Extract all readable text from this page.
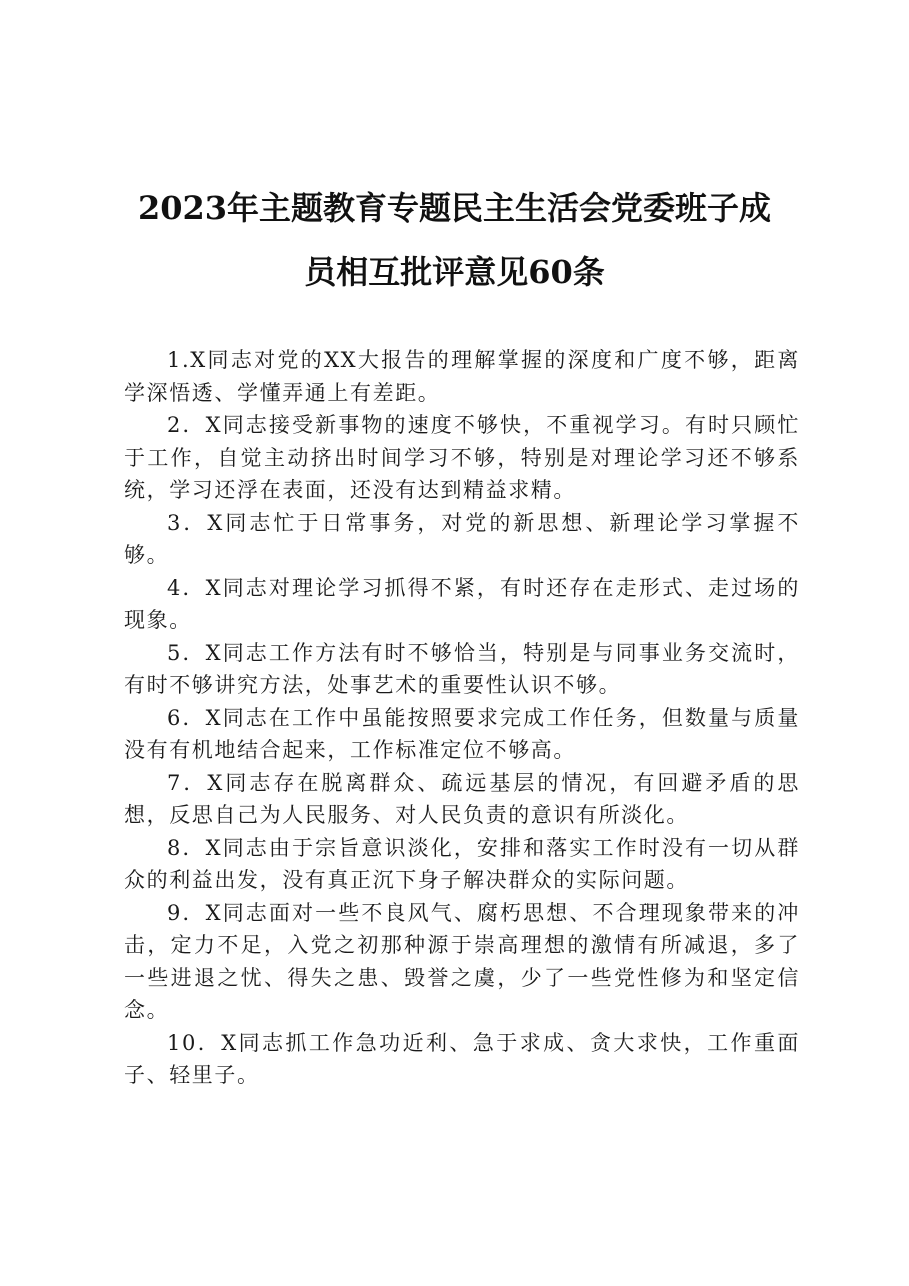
2023年主题教育专题民主生活会党委班子成
员相互批评意见60条

1.X同志对党的XX大报告的理解掌握的深度和广度不够，距离学深悟透、学懂弄通上有差距。

2．X同志接受新事物的速度不够快，不重视学习。有时只顾忙于工作，自觉主动挤出时间学习不够，特别是对理论学习还不够系统，学习还浮在表面，还没有达到精益求精。

3．X同志忙于日常事务，对党的新思想、新理论学习掌握不够。

4．X同志对理论学习抓得不紧，有时还存在走形式、走过场的现象。

5．X同志工作方法有时不够恰当，特别是与同事业务交流时，有时不够讲究方法，处事艺术的重要性认识不够。

6．X同志在工作中虽能按照要求完成工作任务，但数量与质量没有有机地结合起来，工作标准定位不够高。

7．X同志存在脱离群众、疏远基层的情况，有回避矛盾的思想，反思自己为人民服务、对人民负责的意识有所淡化。

8．X同志由于宗旨意识淡化，安排和落实工作时没有一切从群众的利益出发，没有真正沉下身子解决群众的实际问题。

9．X同志面对一些不良风气、腐朽思想、不合理现象带来的冲击，定力不足，入党之初那种源于崇高理想的激情有所减退，多了一些进退之忧、得失之患、毁誉之虞，少了一些党性修为和坚定信念。

10．X同志抓工作急功近利、急于求成、贪大求快，工作重面子、轻里子。
